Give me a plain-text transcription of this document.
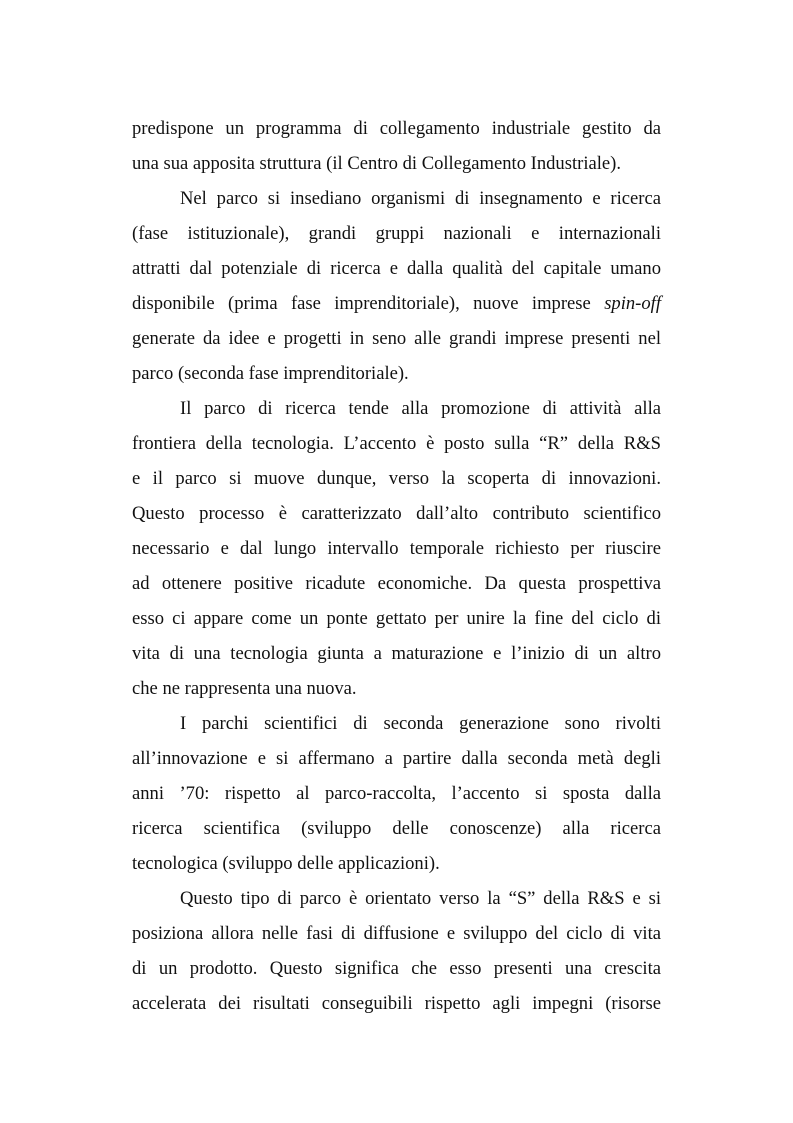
predispone un programma di collegamento industriale gestito da

una sua apposita struttura (il Centro di Collegamento Industriale).

Nel parco si insediano organismi di insegnamento e ricerca

(fase istituzionale), grandi gruppi nazionali e internazionali

attratti dal potenziale di ricerca e dalla qualità del capitale umano

disponibile (prima fase imprenditoriale), nuove imprese spin-off

generate da idee e progetti in seno alle grandi imprese presenti nel

parco (seconda fase imprenditoriale).

Il parco di ricerca tende alla promozione di attività alla

frontiera della tecnologia. L’accento è posto sulla “R” della R&S

e il parco si muove dunque, verso la scoperta di innovazioni.

Questo processo è caratterizzato dall’alto contributo scientifico

necessario e dal lungo intervallo temporale richiesto per riuscire

ad ottenere positive ricadute economiche. Da questa prospettiva

esso ci appare come un ponte gettato per unire la fine del ciclo di

vita di una tecnologia giunta a maturazione e l’inizio di un altro

che ne rappresenta una nuova.

I parchi scientifici di seconda generazione sono rivolti

all’innovazione e si affermano a partire dalla seconda metà degli

anni ’70: rispetto al parco-raccolta, l’accento si sposta dalla

ricerca scientifica (sviluppo delle conoscenze) alla ricerca

tecnologica (sviluppo delle applicazioni).

Questo tipo di parco è orientato verso la “S” della R&S e si

posiziona allora nelle fasi di diffusione e sviluppo del ciclo di vita

di un prodotto. Questo significa che esso presenti una crescita

accelerata dei risultati conseguibili rispetto agli impegni (risorse
